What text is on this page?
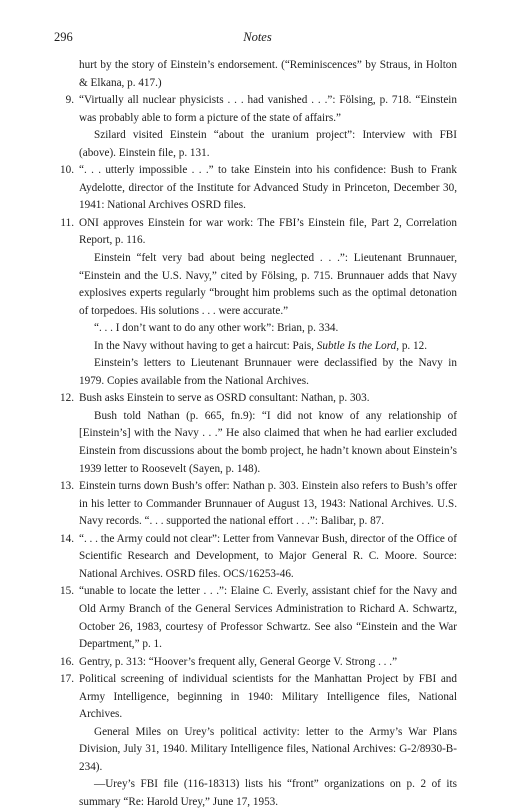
296	Notes

hurt by the story of Einstein’s endorsement. (“Reminiscences” by Straus, in Holton & Elkana, p. 417.)

9. “Virtually all nuclear physicists . . . had vanished . . .”: Fölsing, p. 718. “Einstein was probably able to form a picture of the state of affairs.”

Szilard visited Einstein “about the uranium project”: Interview with FBI (above). Einstein file, p. 131.

10. “. . . utterly impossible . . .” to take Einstein into his confidence: Bush to Frank Aydelotte, director of the Institute for Advanced Study in Princeton, December 30, 1941: National Archives OSRD files.

11. ONI approves Einstein for war work: The FBI’s Einstein file, Part 2, Correlation Report, p. 116.

Einstein “felt very bad about being neglected . . .”: Lieutenant Brunnauer, “Einstein and the U.S. Navy,” cited by Fölsing, p. 715. Brunnauer adds that Navy explosives experts regularly “brought him problems such as the optimal detonation of torpedoes. His solutions . . . were accurate.”

“. . . I don’t want to do any other work”: Brian, p. 334.

In the Navy without having to get a haircut: Pais, Subtle Is the Lord, p. 12.

Einstein’s letters to Lieutenant Brunnauer were declassified by the Navy in 1979. Copies available from the National Archives.

12. Bush asks Einstein to serve as OSRD consultant: Nathan, p. 303.

Bush told Nathan (p. 665, fn.9): “I did not know of any relationship of [Einstein’s] with the Navy . . .” He also claimed that when he had earlier excluded Einstein from discussions about the bomb project, he hadn’t known about Einstein’s 1939 letter to Roosevelt (Sayen, p. 148).

13. Einstein turns down Bush’s offer: Nathan p. 303. Einstein also refers to Bush’s offer in his letter to Commander Brunnauer of August 13, 1943: National Archives. U.S. Navy records. “. . . supported the national effort . . .”: Balibar, p. 87.

14. “. . . the Army could not clear”: Letter from Vannevar Bush, director of the Office of Scientific Research and Development, to Major General R. C. Moore. Source: National Archives. OSRD files. OCS/16253-46.

15. “unable to locate the letter . . .”: Elaine C. Everly, assistant chief for the Navy and Old Army Branch of the General Services Administration to Richard A. Schwartz, October 26, 1983, courtesy of Professor Schwartz. See also “Einstein and the War Department,” p. 1.

16. Gentry, p. 313: “Hoover’s frequent ally, General George V. Strong . . .”

17. Political screening of individual scientists for the Manhattan Project by FBI and Army Intelligence, beginning in 1940: Military Intelligence files, National Archives.

General Miles on Urey’s political activity: letter to the Army’s War Plans Division, July 31, 1940. Military Intelligence files, National Archives: G-2/8930-B-234).

—Urey’s FBI file (116-18313) lists his “front” organizations on p. 2 of its summary “Re: Harold Urey,” June 17, 1953.
